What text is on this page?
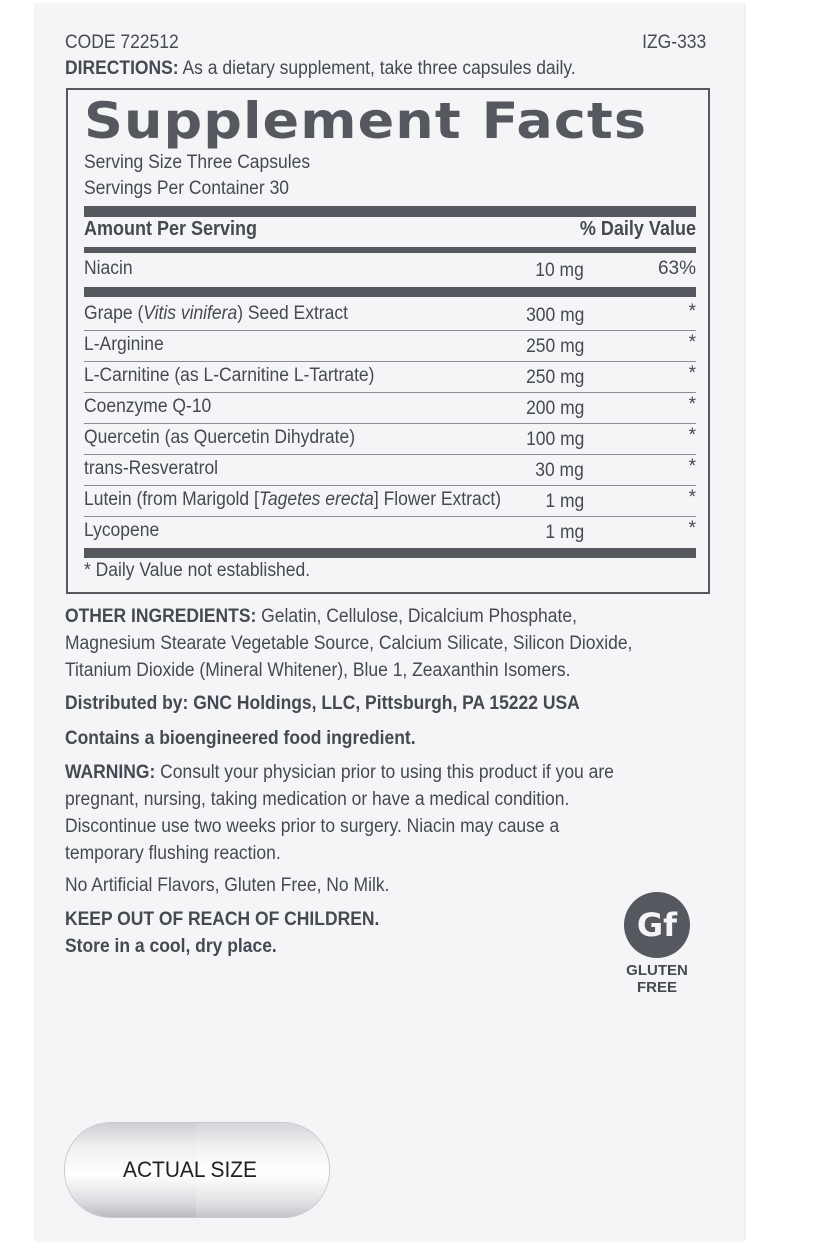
CODE 722512	IZG-333
DIRECTIONS: As a dietary supplement, take three capsules daily.
Supplement Facts
Serving Size Three Capsules
Servings Per Container 30
Amount Per Serving	% Daily Value
Niacin	10 mg	63%
Grape (Vitis vinifera) Seed Extract	300 mg	*
L-Arginine	250 mg	*
L-Carnitine (as L-Carnitine L-Tartrate)	250 mg	*
Coenzyme Q-10	200 mg	*
Quercetin (as Quercetin Dihydrate)	100 mg	*
trans-Resveratrol	30 mg	*
Lutein (from Marigold [Tagetes erecta] Flower Extract) 1 mg	*
Lycopene	1 mg	*
* Daily Value not established.
OTHER INGREDIENTS: Gelatin, Cellulose, Dicalcium Phosphate,
Magnesium Stearate Vegetable Source, Calcium Silicate, Silicon Dioxide,
Titanium Dioxide (Mineral Whitener), Blue 1, Zeaxanthin Isomers.
Distributed by: GNC Holdings, LLC, Pittsburgh, PA 15222 USA
Contains a bioengineered food ingredient.
WARNING: Consult your physician prior to using this product if you are
pregnant, nursing, taking medication or have a medical condition.
Discontinue use two weeks prior to surgery. Niacin may cause a
temporary flushing reaction.
No Artificial Flavors, Gluten Free, No Milk.
KEEP OUT OF REACH OF CHILDREN.
Store in a cool, dry place.
Gf
GLUTEN
FREE
ACTUAL SIZE
